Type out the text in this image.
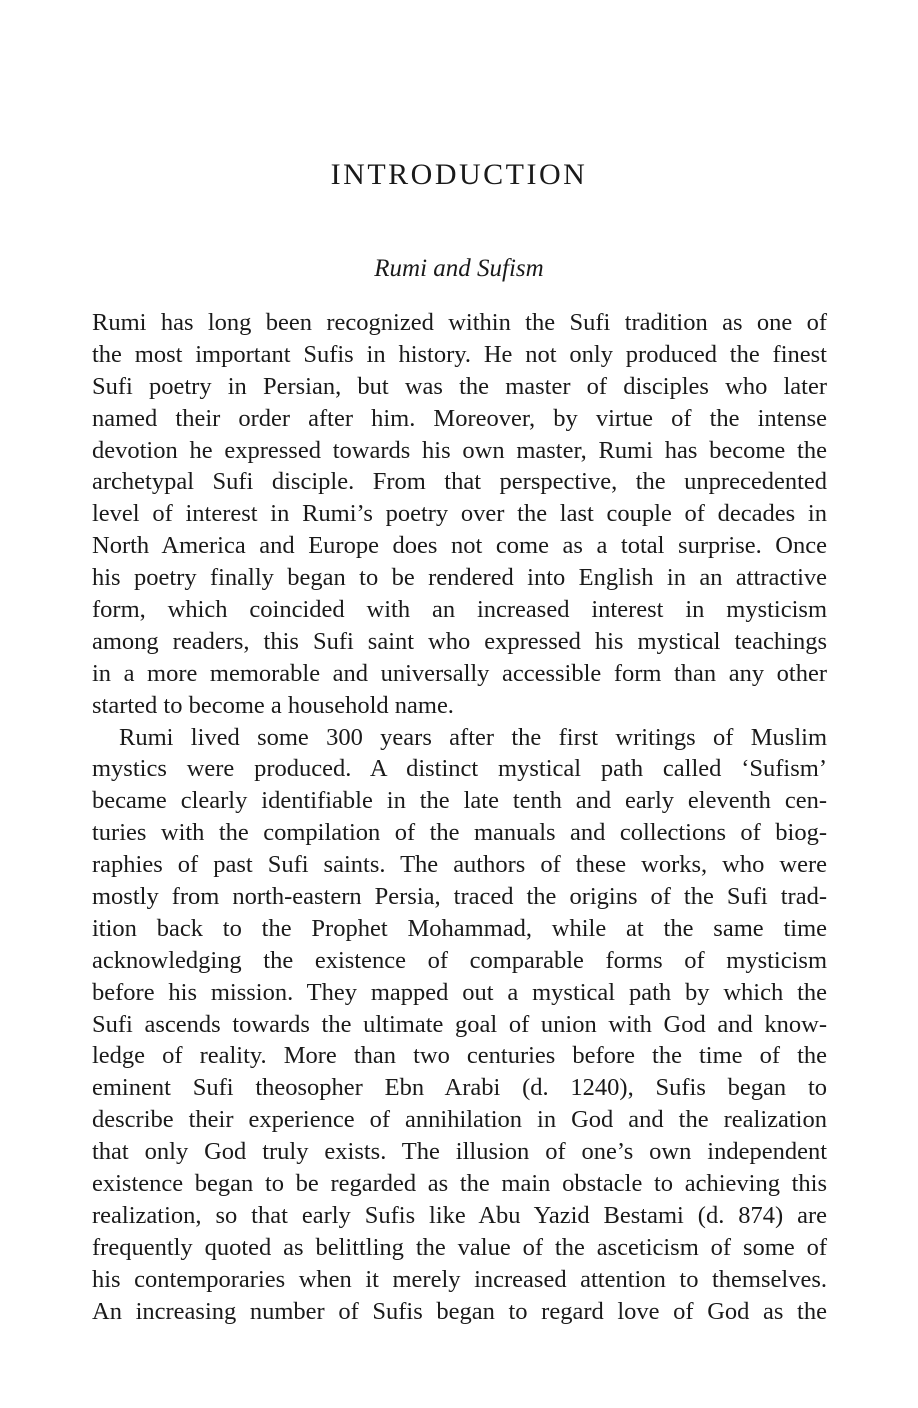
INTRODUCTION
Rumi and Sufism
Rumi has long been recognized within the Sufi tradition as one of
the most important Sufis in history. He not only produced the finest
Sufi poetry in Persian, but was the master of disciples who later
named their order after him. Moreover, by virtue of the intense
devotion he expressed towards his own master, Rumi has become the
archetypal Sufi disciple. From that perspective, the unprecedented
level of interest in Rumi’s poetry over the last couple of decades in
North America and Europe does not come as a total surprise. Once
his poetry finally began to be rendered into English in an attractive
form, which coincided with an increased interest in mysticism
among readers, this Sufi saint who expressed his mystical teachings
in a more memorable and universally accessible form than any other
started to become a household name.
Rumi lived some 300 years after the first writings of Muslim
mystics were produced. A distinct mystical path called ‘Sufism’
became clearly identifiable in the late tenth and early eleventh cen-
turies with the compilation of the manuals and collections of biog-
raphies of past Sufi saints. The authors of these works, who were
mostly from north-eastern Persia, traced the origins of the Sufi trad-
ition back to the Prophet Mohammad, while at the same time
acknowledging the existence of comparable forms of mysticism
before his mission. They mapped out a mystical path by which the
Sufi ascends towards the ultimate goal of union with God and know-
ledge of reality. More than two centuries before the time of the
eminent Sufi theosopher Ebn Arabi (d. 1240), Sufis began to
describe their experience of annihilation in God and the realization
that only God truly exists. The illusion of one’s own independent
existence began to be regarded as the main obstacle to achieving this
realization, so that early Sufis like Abu Yazid Bestami (d. 874) are
frequently quoted as belittling the value of the asceticism of some of
his contemporaries when it merely increased attention to themselves.
An increasing number of Sufis began to regard love of God as the
